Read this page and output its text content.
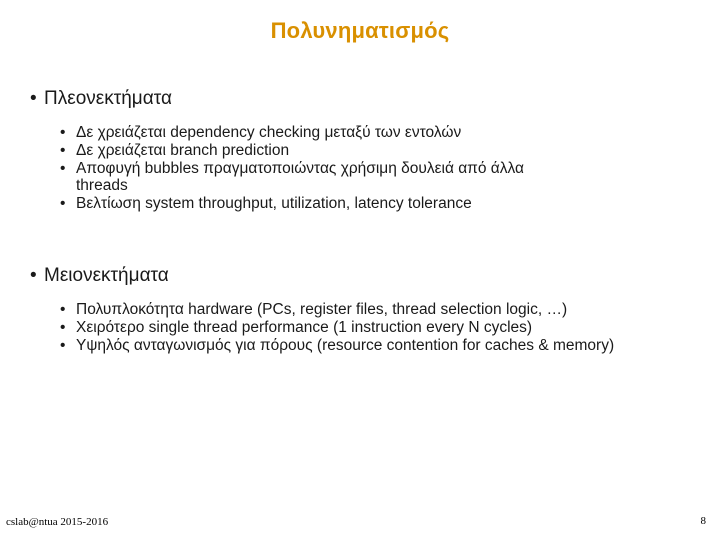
Πολυνηματισμός
• Πλεονεκτήματα
• Δε χρειάζεται dependency checking μεταξύ των εντολών
• Δε χρειάζεται branch prediction
• Αποφυγή bubbles πραγματοποιώντας χρήσιμη δουλειά από άλλα threads
• Βελτίωση system throughput, utilization, latency tolerance
• Μειονεκτήματα
• Πολυπλοκότητα hardware (PCs, register files, thread selection logic, …)
• Χειρότερο single thread performance (1 instruction every N cycles)
• Υψηλός ανταγωνισμός για πόρους (resource contention for caches & memory)
cslab@ntua 2015-2016	8
